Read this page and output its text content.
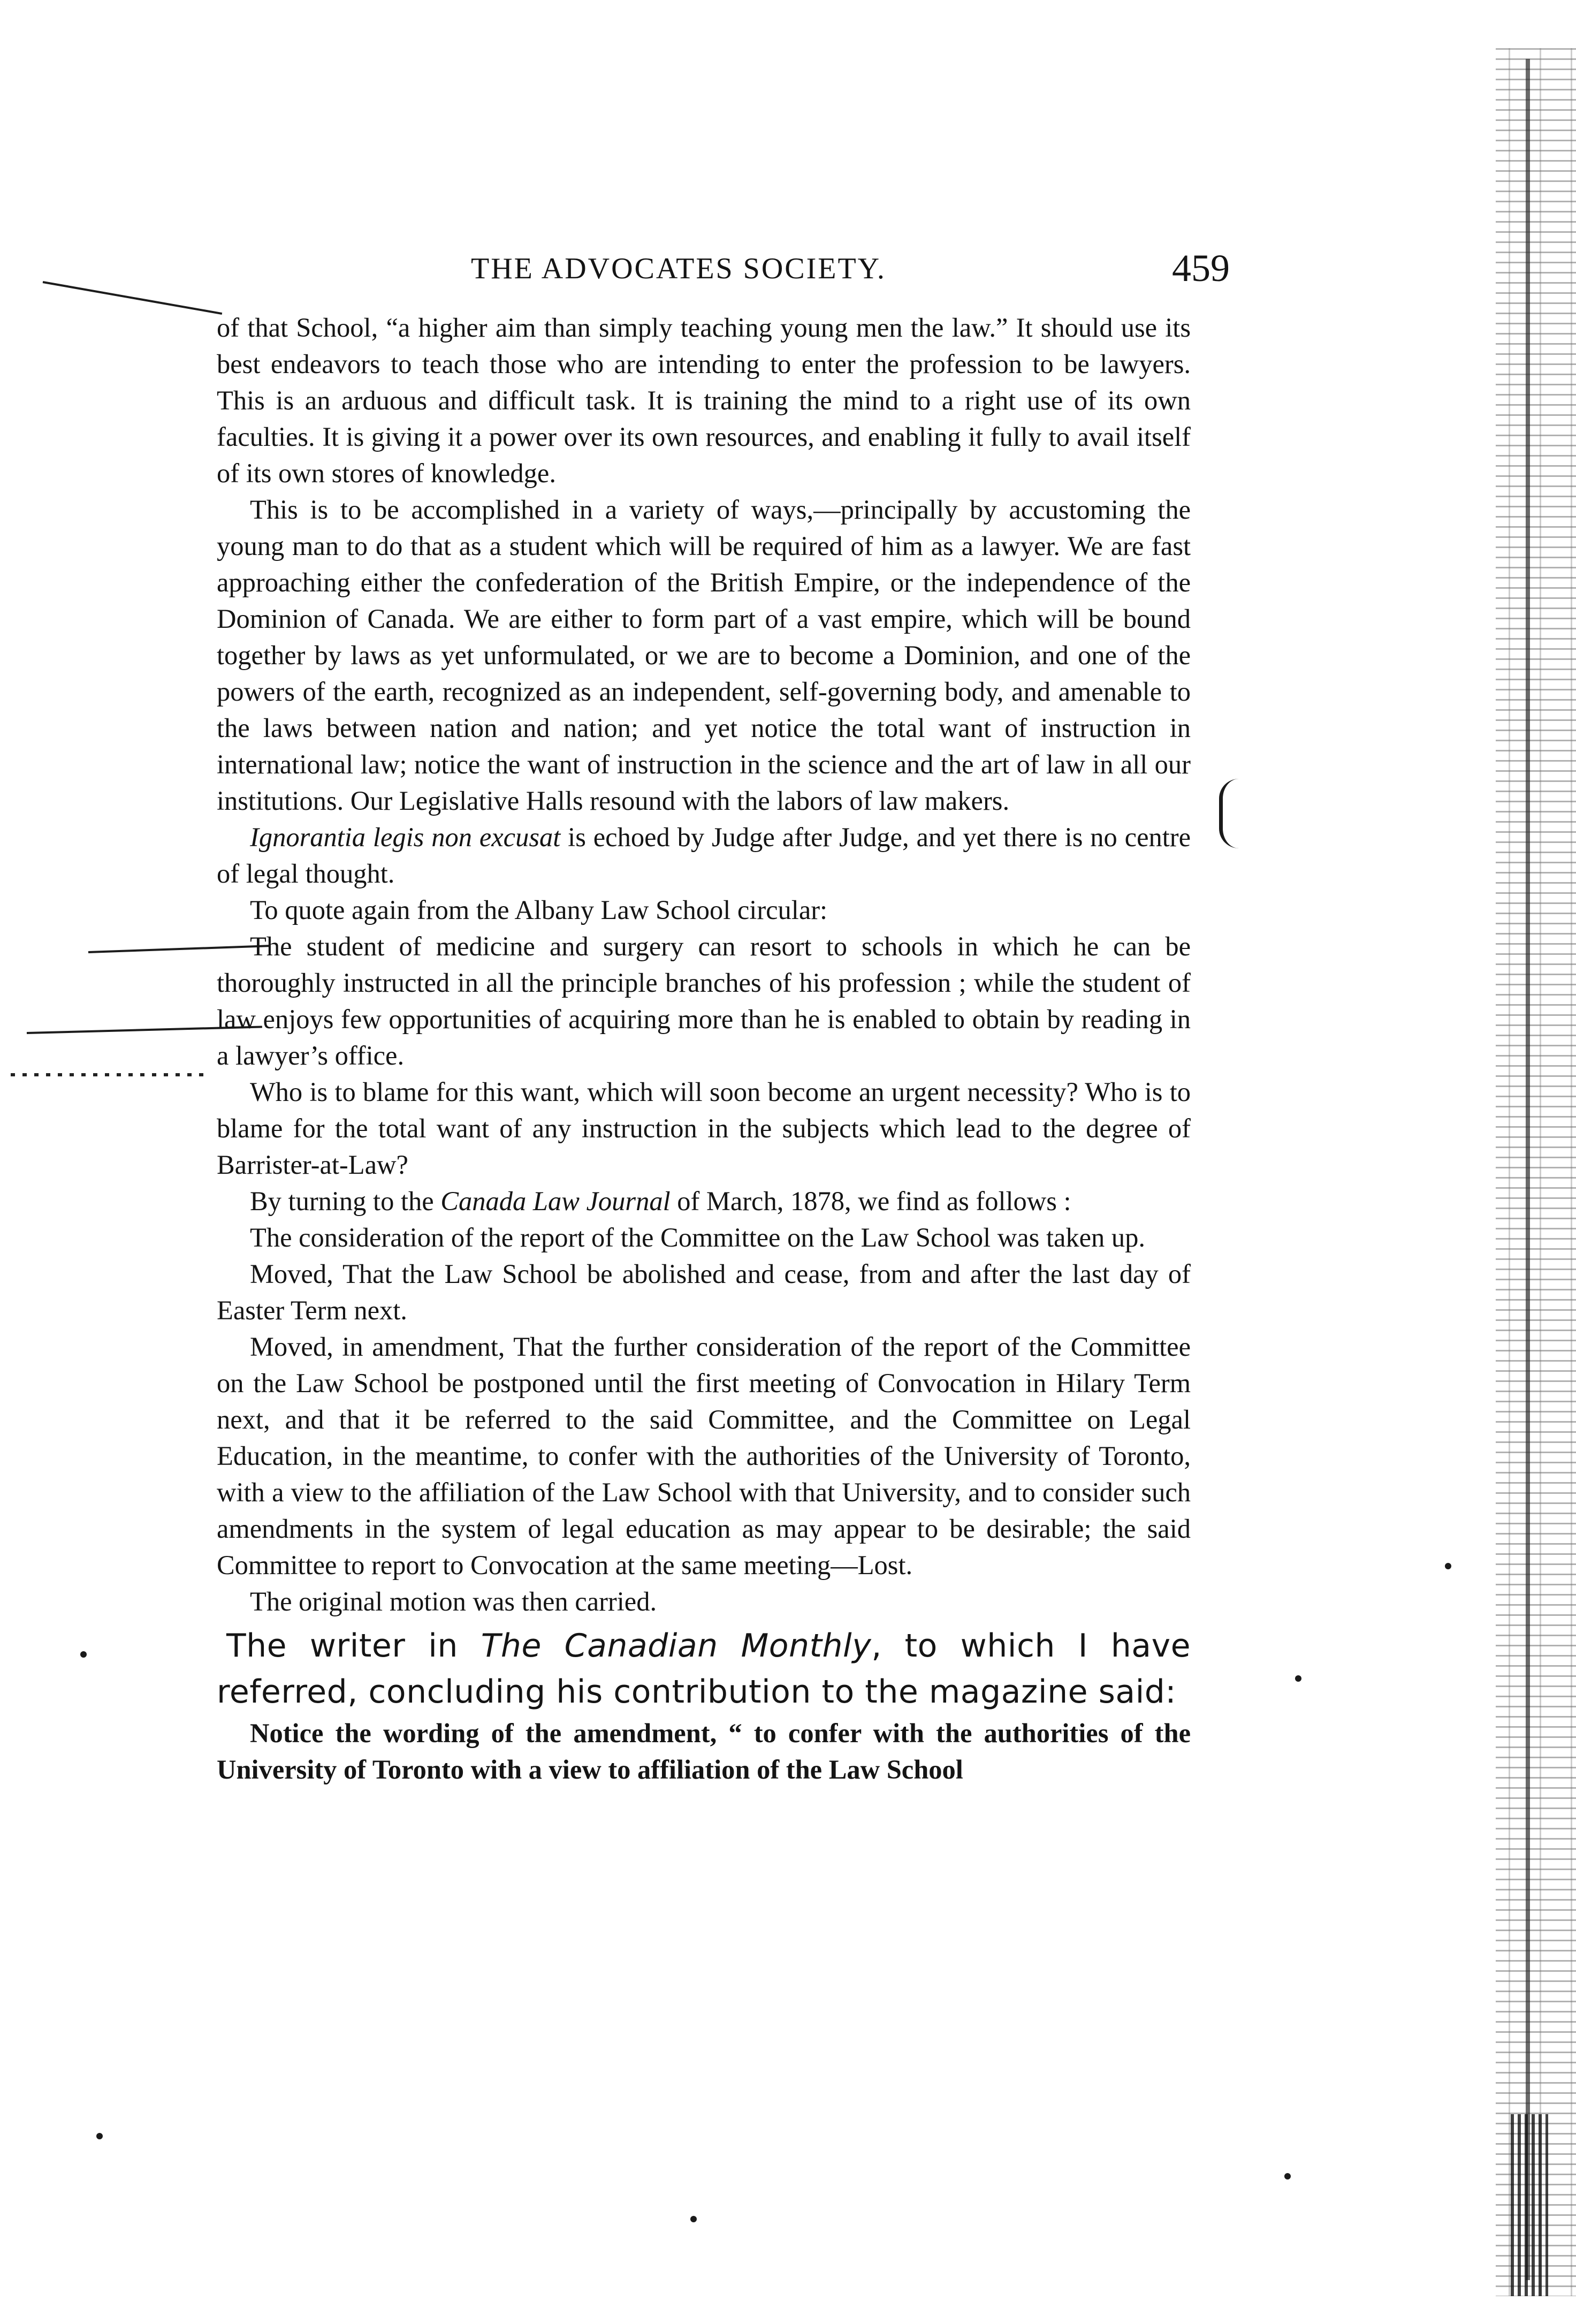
THE ADVOCATES SOCIETY.	459

of that School, “a higher aim than simply teaching young men the law.” It should use its best endeavors to teach those who are intending to enter the profession to be lawyers. This is an arduous and difficult task. It is training the mind to a right use of its own faculties. It is giving it a power over its own resources, and enabling it fully to avail itself of its own stores of knowledge.

This is to be accomplished in a variety of ways,—principally by accustoming the young man to do that as a student which will be required of him as a lawyer. We are fast approaching either the confederation of the British Empire, or the independence of the Dominion of Canada. We are either to form part of a vast empire, which will be bound together by laws as yet unformulated, or we are to become a Dominion, and one of the powers of the earth, recognized as an independent, self-governing body, and amenable to the laws between nation and nation; and yet notice the total want of instruction in international law; notice the want of instruction in the science and the art of law in all our institutions. Our Legislative Halls resound with the labors of law makers.

Ignorantia legis non excusat is echoed by Judge after Judge, and yet there is no centre of legal thought.

To quote again from the Albany Law School circular:

The student of medicine and surgery can resort to schools in which he can be thoroughly instructed in all the principle branches of his profession ; while the student of law enjoys few opportunities of acquiring more than he is enabled to obtain by reading in a lawyer’s office.

Who is to blame for this want, which will soon become an urgent necessity? Who is to blame for the total want of any instruction in the subjects which lead to the degree of Barrister-at-Law?

By turning to the Canada Law Journal of March, 1878, we find as follows :

The consideration of the report of the Committee on the Law School was taken up.

Moved, That the Law School be abolished and cease, from and after the last day of Easter Term next.

Moved, in amendment, That the further consideration of the report of the Committee on the Law School be postponed until the first meeting of Convocation in Hilary Term next, and that it be referred to the said Committee, and the Committee on Legal Education, in the meantime, to confer with the authorities of the University of Toronto, with a view to the affiliation of the Law School with that University, and to consider such amendments in the system of legal education as may appear to be desirable; the said Committee to report to Convocation at the same meeting—Lost.

The original motion was then carried.

The writer in The Canadian Monthly, to which I have referred, concluding his contribution to the magazine said:

Notice the wording of the amendment, “ to confer with the authorities of the University of Toronto with a view to affiliation of the Law School
